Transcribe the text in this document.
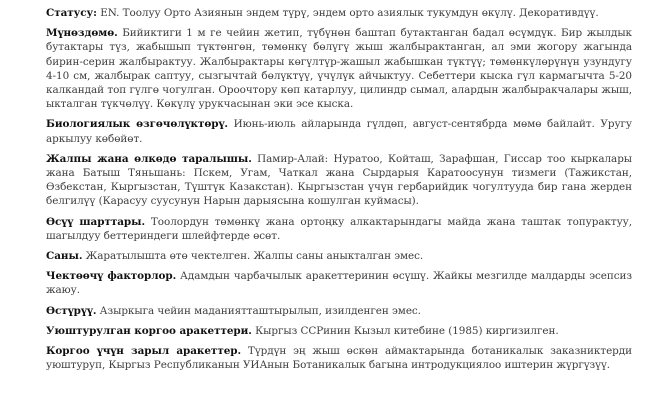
Статусу: EN. Тоолуу Орто Азиянын эндем түрү, эндем орто азиялык тукумдун өкүлү. Декоративдүү.

Мүнөздөмө. Бийиктиги 1 м ге чейин жетип, түбүнөн баштап бутактанган бадал өсүмдүк. Бир жылдык бутактары түз, жабышып түктөнгөн, төмөнкү бөлүгү жыш жалбырактанган, ал эми жогору жагында бирин-серин жалбырактуу. Жалбырактары көгүлтүр-жашыл жабышкан түктүү; төмөнкүлөрүнүн узундугу 4-10 см, жалбырак саптуу, сызгычтай бөлүктүү, үчүлүк айчыктуу. Себеттери кыска гүл кармагычта 5-20 калкандай топ гүлгө чогулган. Ороочтору көп катарлуу, цилиндр сымал, алардын жалбыракчалары жыш, ыкталган түкчөлүү. Көкүлү урукчасынан эки эсе кыска.

Биологиялык өзгөчөлүктөрү. Июнь-июль айларында гүлдөп, август-сентябрда мөмө байлайт. Уругу аркылуу көбөйөт.

Жалпы жана өлкөдө таралышы. Памир-Алай: Нуратоо, Койташ, Зарафшан, Гиссар тоо кыркалары жана Батыш Тяньшань: Пскем, Угам, Чаткал жана Сырдарыя Каратоосунун тизмеги (Тажикстан, Өзбекстан, Кыргызстан, Түштүк Казакстан). Кыргызстан үчүн гербарийдик чогултууда бир гана жерден белгилүү (Карасуу суусунун Нарын дарыясына кошулган куймасы).

Өсүү шарттары. Тоолордун төмөнкү жана ортоңку алкактарындагы майда жана таштак топурактуу, шагылдуу беттериндеги шлейфтерде өсөт.

Саны. Жаратылышта өтө чектелген. Жалпы саны аныкталган эмес.

Чектөөчү факторлор. Адамдын чарбачылык аракеттеринин өсүшү. Жайкы мезгилде малдарды эсепсиз жаюу.

Өстүрүү. Азыркыга чейин маданиятташтырылып, изилденген эмес.

Уюштурулган коргоо аракеттери. Кыргыз ССРинин Кызыл китебине (1985) киргизилген.

Коргоо үчүн зарыл аракеттер. Түрдүн эң жыш өскөн аймактарында ботаникалык заказниктерди уюштуруп, Кыргыз Республиканын УИАнын Ботаникалык багына интродукциялоо иштерин жүргүзүү.
